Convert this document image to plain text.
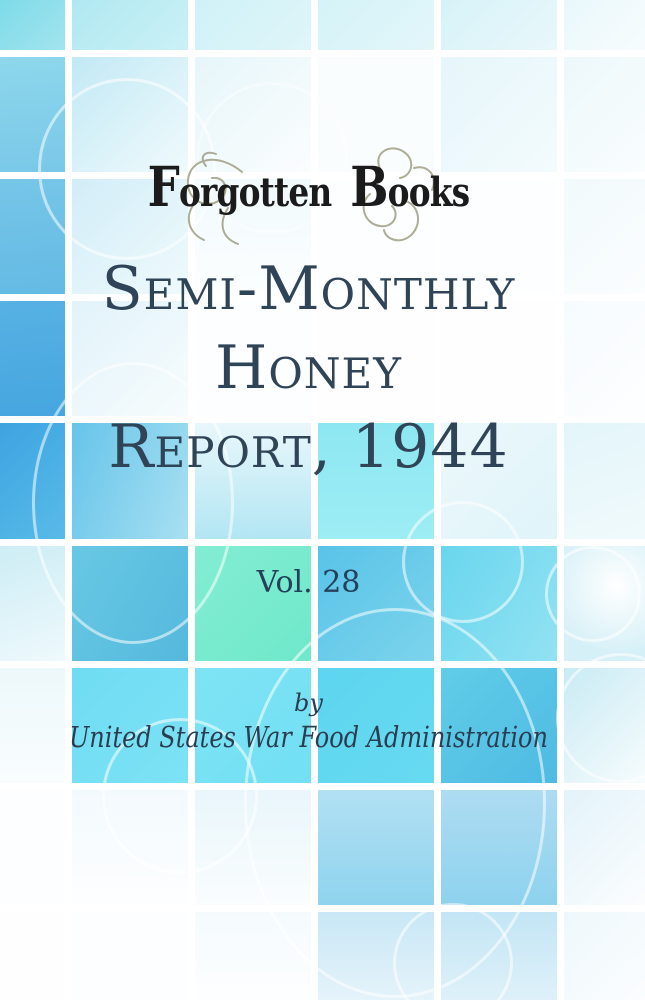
Forgotten Books
Semi-Monthly
Honey
Report, 1944
Vol. 28
by
United States War Food Administration
